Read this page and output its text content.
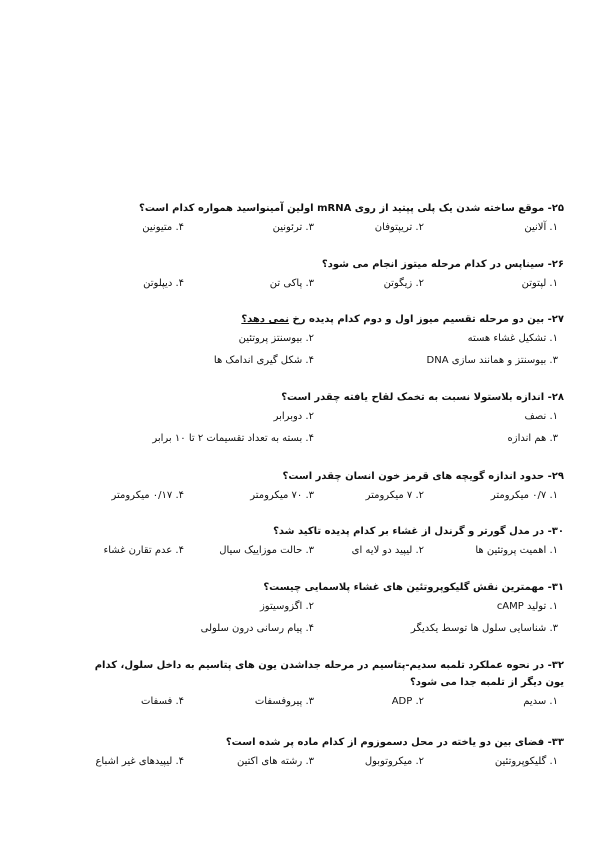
۲۵- موقع ساخته شدن یک پلی پپتید از روی mRNA اولین آمینواسید همواره کدام است؟
۱. آلانین
۲. تریپتوفان
۳. ترئونین
۴. متیونین
۲۶- سیناپس در کدام مرحله میتوز انجام می شود؟
۱. لپتوتن
۲. زیگوتن
۳. پاکی تن
۴. دیپلوتن
۲۷- بین دو مرحله تقسیم میوز اول و دوم کدام پدیده رخ نمی دهد؟
۱. تشکیل غشاء هسته
۲. بیوسنتز پروتئین
۳. بیوسنتز و همانند سازی DNA
۴. شکل گیری اندامک ها
۲۸- اندازه بلاستولا نسبت به تخمک لقاح یافته چقدر است؟
۱. نصف
۲. دوبرابر
۳. هم اندازه
۴. بسته به تعداد تقسیمات ۲ تا ۱۰ برابر
۲۹- حدود اندازه گویچه های قرمز خون انسان چقدر است؟
۱. ۰/۷ میکرومتر
۲. ۷ میکرومتر
۳. ۷۰ میکرومتر
۴. ۰/۱۷ میکرومتر
۳۰- در مدل گورتر و گرندل از غشاء بر کدام پدیده تاکید شد؟
۱. اهمیت پروتئین ها
۲. لیپید دو لایه ای
۳. حالت موزاییک سیال
۴. عدم تقارن غشاء
۳۱- مهمترین نقش گلیکوپروتئین های غشاء پلاسمایی چیست؟
۱. تولید cAMP
۲. اگزوسیتوز
۳. شناسایی سلول ها توسط یکدیگر
۴. پیام رسانی درون سلولی
۳۲- در نحوه عملکرد تلمبه سدیم-پتاسیم در مرحله جداشدن یون های پتاسیم به داخل سلول، کدام یون دیگر از تلمبه جدا می شود؟
۱. سدیم
۲. ADP
۳. پیروفسفات
۴. فسفات
۳۳- فضای بین دو یاخته در محل دسموزوم از کدام ماده پر شده است؟
۱. گلیکوپروتئین
۲. میکروتوبول
۳. رشته های اکتین
۴. لیپیدهای غیر اشباع
